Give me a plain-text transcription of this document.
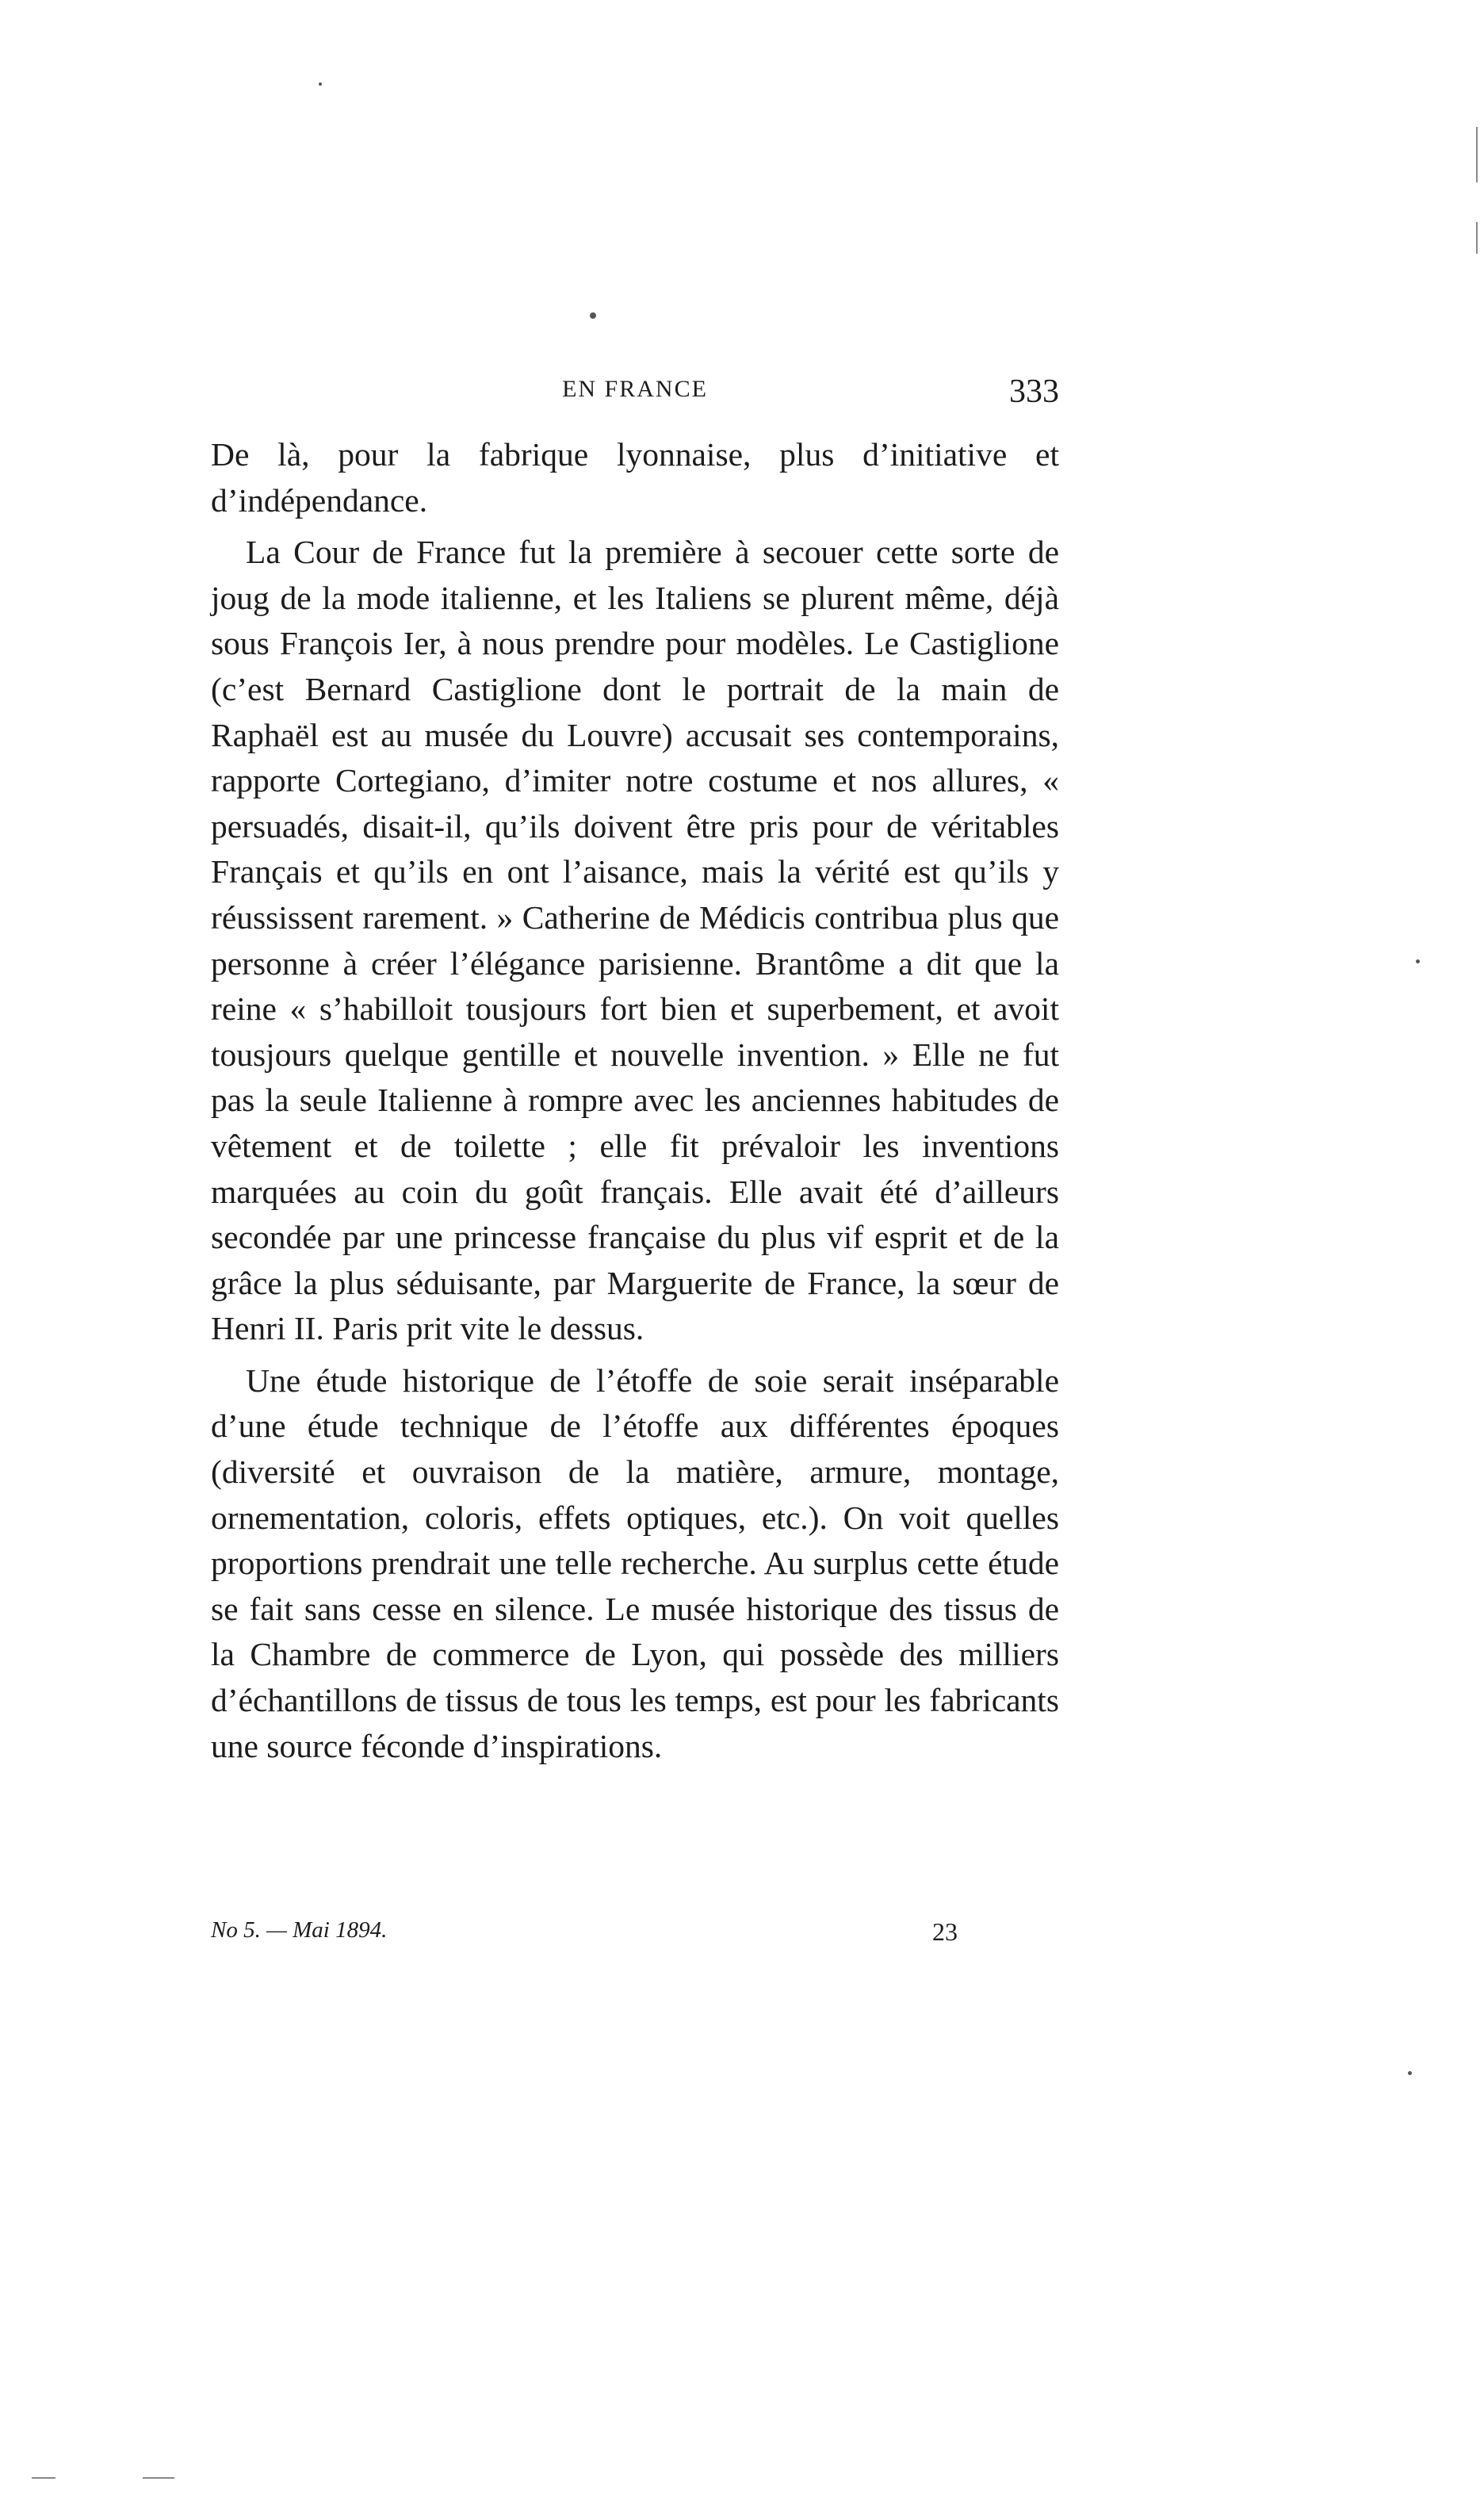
EN FRANCE	333

De là, pour la fabrique lyonnaise, plus d’initiative et d’indépendance.

La Cour de France fut la première à secouer cette sorte de joug de la mode italienne, et les Italiens se plurent même, déjà sous François Ier, à nous prendre pour modèles. Le Castiglione (c’est Bernard Castiglione dont le portrait de la main de Raphaël est au musée du Louvre) accusait ses contemporains, rapporte Cortegiano, d’imiter notre costume et nos allures, « persuadés, disait-il, qu’ils doivent être pris pour de véritables Français et qu’ils en ont l’aisance, mais la vérité est qu’ils y réussissent rarement. » Catherine de Médicis contribua plus que personne à créer l’élégance parisienne. Brantôme a dit que la reine « s’habilloit tousjours fort bien et superbement, et avoit tousjours quelque gentille et nouvelle invention. » Elle ne fut pas la seule Italienne à rompre avec les anciennes habitudes de vêtement et de toilette ; elle fit prévaloir les inventions marquées au coin du goût français. Elle avait été d’ailleurs secondée par une princesse française du plus vif esprit et de la grâce la plus séduisante, par Marguerite de France, la sœur de Henri II. Paris prit vite le dessus.

Une étude historique de l’étoffe de soie serait inséparable d’une étude technique de l’étoffe aux différentes époques (diversité et ouvraison de la matière, armure, montage, ornementation, coloris, effets optiques, etc.). On voit quelles proportions prendrait une telle recherche. Au surplus cette étude se fait sans cesse en silence. Le musée historique des tissus de la Chambre de commerce de Lyon, qui possède des milliers d’échantillons de tissus de tous les temps, est pour les fabricants une source féconde d’inspirations.

No 5. — Mai 1894.	23
